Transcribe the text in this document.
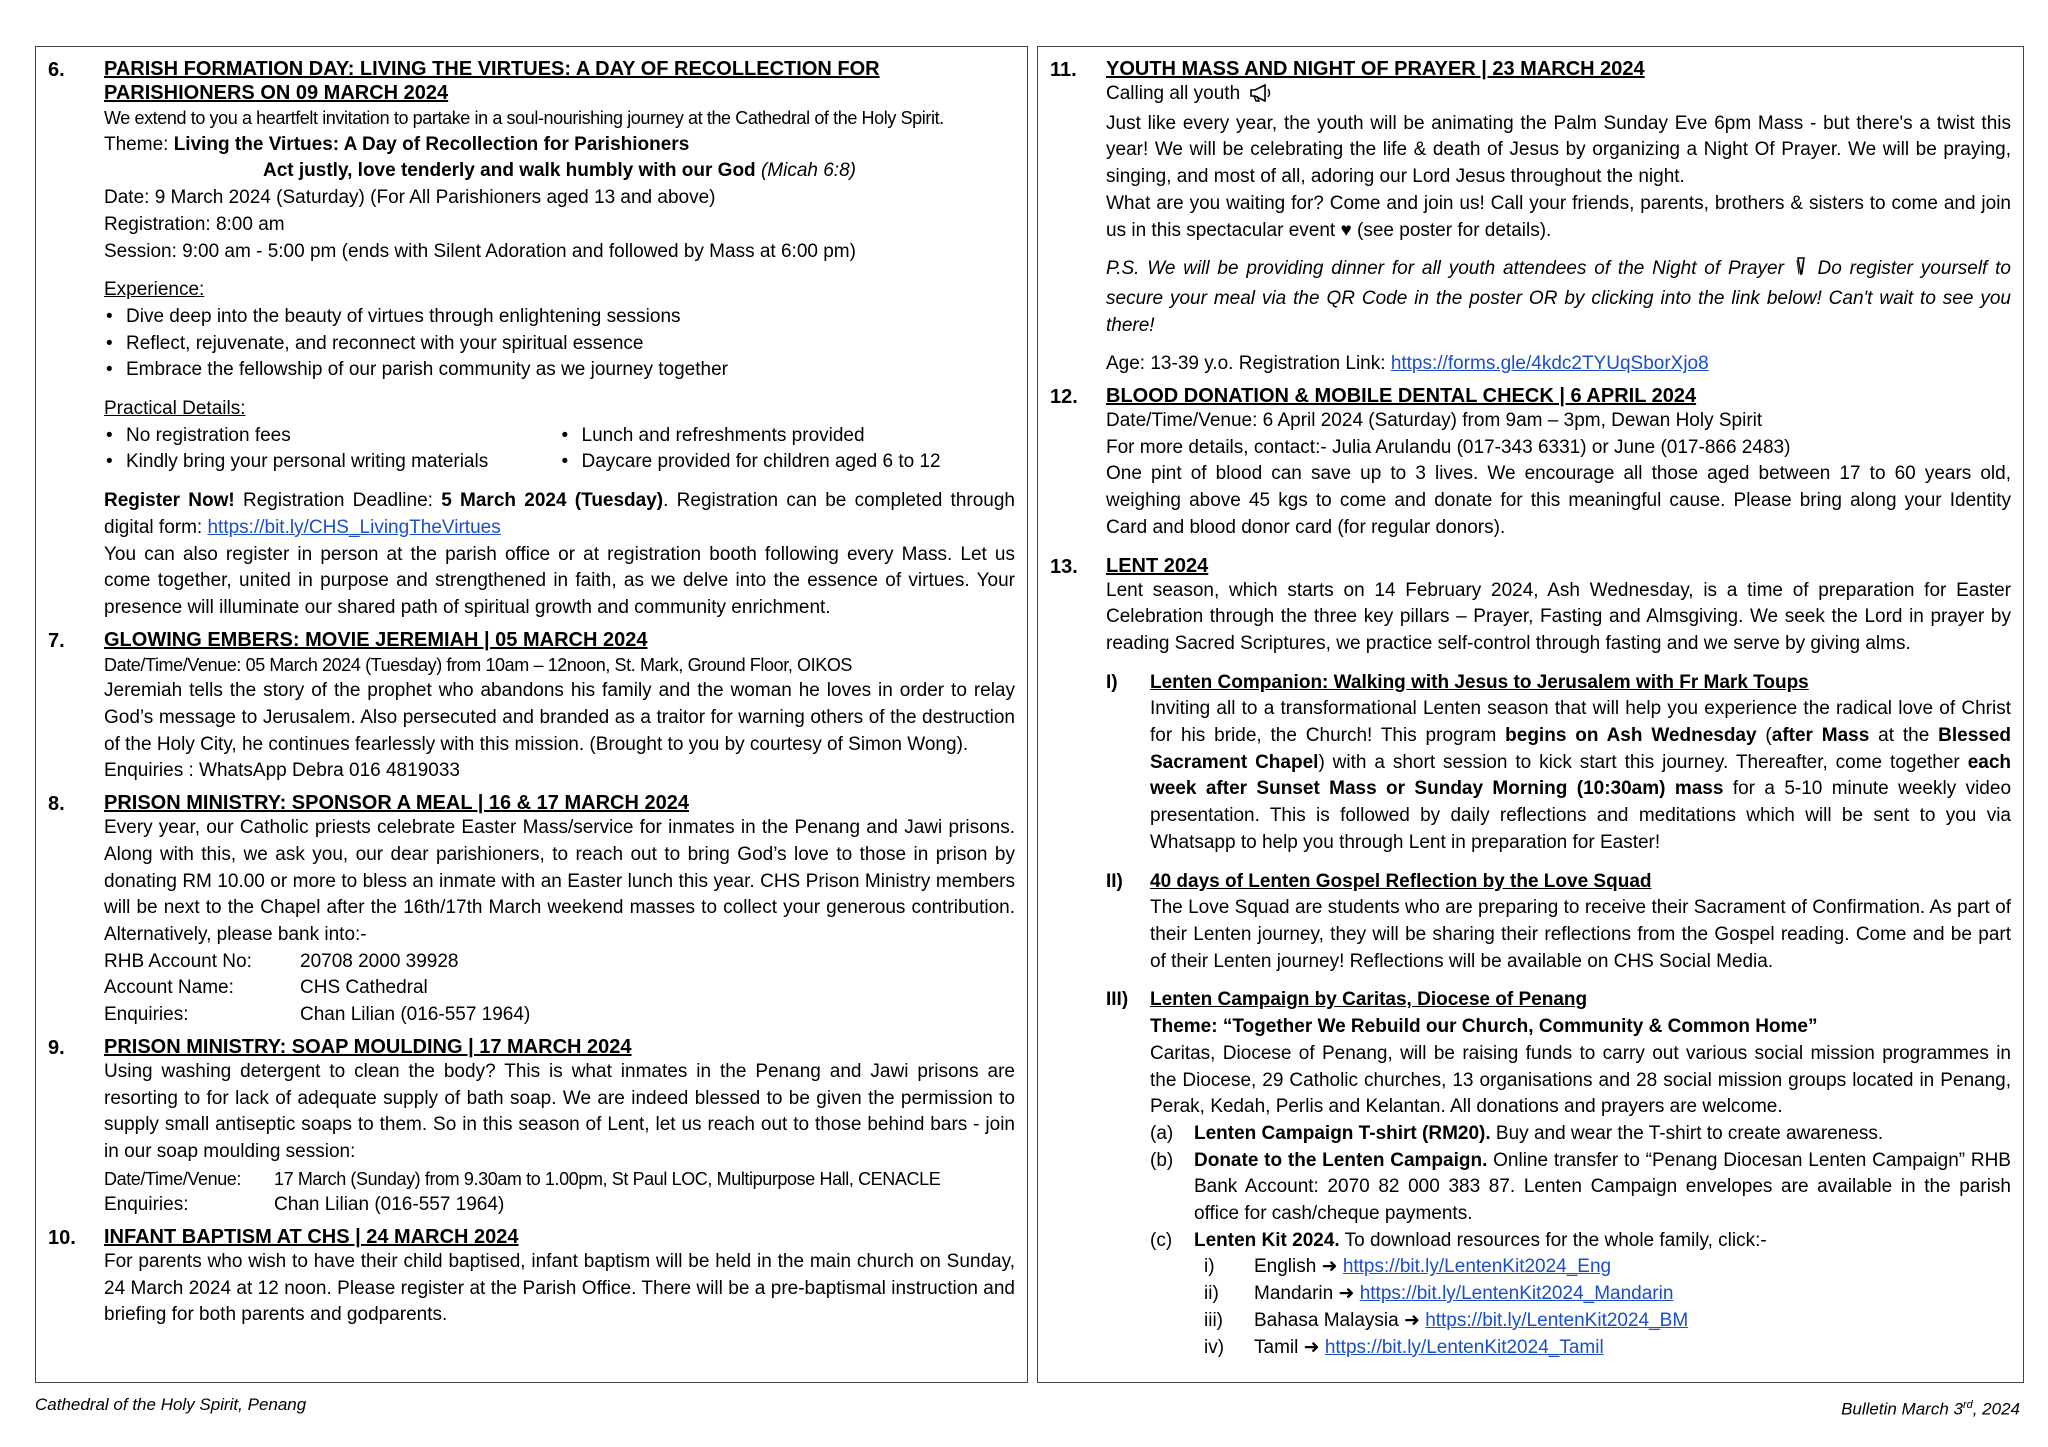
6. PARISH FORMATION DAY: LIVING THE VIRTUES: A DAY OF RECOLLECTION FOR PARISHIONERS ON 09 MARCH 2024
We extend to you a heartfelt invitation to partake in a soul-nourishing journey at the Cathedral of the Holy Spirit.
Theme: Living the Virtues: A Day of Recollection for Parishioners
Act justly, love tenderly and walk humbly with our God (Micah 6:8)
Date: 9 March 2024 (Saturday) (For All Parishioners aged 13 and above)
Registration: 8:00 am
Session: 9:00 am - 5:00 pm (ends with Silent Adoration and followed by Mass at 6:00 pm)
Experience:
• Dive deep into the beauty of virtues through enlightening sessions
• Reflect, rejuvenate, and reconnect with your spiritual essence
• Embrace the fellowship of our parish community as we journey together
Practical Details:
• No registration fees
• Kindly bring your personal writing materials
• Lunch and refreshments provided
• Daycare provided for children aged 6 to 12
Register Now! Registration Deadline: 5 March 2024 (Tuesday). Registration can be completed through digital form: https://bit.ly/CHS_LivingTheVirtues
You can also register in person at the parish office or at registration booth following every Mass. Let us come together, united in purpose and strengthened in faith, as we delve into the essence of virtues. Your presence will illuminate our shared path of spiritual growth and community enrichment.
7. GLOWING EMBERS: MOVIE JEREMIAH | 05 MARCH 2024
Date/Time/Venue: 05 March 2024 (Tuesday) from 10am – 12noon, St. Mark, Ground Floor, OIKOS
Jeremiah tells the story of the prophet who abandons his family and the woman he loves in order to relay God’s message to Jerusalem. Also persecuted and branded as a traitor for warning others of the destruction of the Holy City, he continues fearlessly with this mission. (Brought to you by courtesy of Simon Wong).
Enquiries : WhatsApp Debra 016 4819033
8. PRISON MINISTRY: SPONSOR A MEAL | 16 & 17 MARCH 2024
Every year, our Catholic priests celebrate Easter Mass/service for inmates in the Penang and Jawi prisons. Along with this, we ask you, our dear parishioners, to reach out to bring God’s love to those in prison by donating RM 10.00 or more to bless an inmate with an Easter lunch this year. CHS Prison Ministry members will be next to the Chapel after the 16th/17th March weekend masses to collect your generous contribution. Alternatively, please bank into:-
RHB Account No:	20708 2000 39928
Account Name:	CHS Cathedral
Enquiries:	Chan Lilian (016-557 1964)
9. PRISON MINISTRY: SOAP MOULDING | 17 MARCH 2024
Using washing detergent to clean the body? This is what inmates in the Penang and Jawi prisons are resorting to for lack of adequate supply of bath soap. We are indeed blessed to be given the permission to supply small antiseptic soaps to them. So in this season of Lent, let us reach out to those behind bars - join in our soap moulding session:
Date/Time/Venue:	17 March (Sunday) from 9.30am to 1.00pm, St Paul LOC, Multipurpose Hall, CENACLE
Enquiries:	Chan Lilian (016-557 1964)
10. INFANT BAPTISM AT CHS | 24 MARCH 2024
For parents who wish to have their child baptised, infant baptism will be held in the main church on Sunday, 24 March 2024 at 12 noon. Please register at the Parish Office. There will be a pre-baptismal instruction and briefing for both parents and godparents.
11. YOUTH MASS AND NIGHT OF PRAYER | 23 MARCH 2024
Calling all youth
Just like every year, the youth will be animating the Palm Sunday Eve 6pm Mass - but there's a twist this year! We will be celebrating the life & death of Jesus by organizing a Night Of Prayer. We will be praying, singing, and most of all, adoring our Lord Jesus throughout the night.
What are you waiting for? Come and join us! Call your friends, parents, brothers & sisters to come and join us in this spectacular event ♥ (see poster for details).
P.S. We will be providing dinner for all youth attendees of the Night of Prayer  Do register yourself to secure your meal via the QR Code in the poster OR by clicking into the link below! Can't wait to see you there!
Age: 13-39 y.o. Registration Link: https://forms.gle/4kdc2TYUqSborXjo8
12. BLOOD DONATION & MOBILE DENTAL CHECK | 6 APRIL 2024
Date/Time/Venue: 6 April 2024 (Saturday) from 9am – 3pm, Dewan Holy Spirit
For more details, contact:- Julia Arulandu (017-343 6331) or June (017-866 2483)
One pint of blood can save up to 3 lives. We encourage all those aged between 17 to 60 years old, weighing above 45 kgs to come and donate for this meaningful cause. Please bring along your Identity Card and blood donor card (for regular donors).
13. LENT 2024
Lent season, which starts on 14 February 2024, Ash Wednesday, is a time of preparation for Easter Celebration through the three key pillars – Prayer, Fasting and Almsgiving. We seek the Lord in prayer by reading Sacred Scriptures, we practice self-control through fasting and we serve by giving alms.
I) Lenten Companion: Walking with Jesus to Jerusalem with Fr Mark Toups
Inviting all to a transformational Lenten season that will help you experience the radical love of Christ for his bride, the Church! This program begins on Ash Wednesday (after Mass at the Blessed Sacrament Chapel) with a short session to kick start this journey. Thereafter, come together each week after Sunset Mass or Sunday Morning (10:30am) mass for a 5-10 minute weekly video presentation. This is followed by daily reflections and meditations which will be sent to you via Whatsapp to help you through Lent in preparation for Easter!
II) 40 days of Lenten Gospel Reflection by the Love Squad
The Love Squad are students who are preparing to receive their Sacrament of Confirmation. As part of their Lenten journey, they will be sharing their reflections from the Gospel reading. Come and be part of their Lenten journey! Reflections will be available on CHS Social Media.
III) Lenten Campaign by Caritas, Diocese of Penang
Theme: “Together We Rebuild our Church, Community & Common Home”
Caritas, Diocese of Penang, will be raising funds to carry out various social mission programmes in the Diocese, 29 Catholic churches, 13 organisations and 28 social mission groups located in Penang, Perak, Kedah, Perlis and Kelantan. All donations and prayers are welcome.
(a) Lenten Campaign T-shirt (RM20). Buy and wear the T-shirt to create awareness.
(b) Donate to the Lenten Campaign. Online transfer to “Penang Diocesan Lenten Campaign” RHB Bank Account: 2070 82 000 383 87. Lenten Campaign envelopes are available in the parish office for cash/cheque payments.
(c) Lenten Kit 2024. To download resources for the whole family, click:-
i) English ➜ https://bit.ly/LentenKit2024_Eng
ii) Mandarin ➜ https://bit.ly/LentenKit2024_Mandarin
iii) Bahasa Malaysia ➜ https://bit.ly/LentenKit2024_BM
iv) Tamil ➜ https://bit.ly/LentenKit2024_Tamil
Cathedral of the Holy Spirit, Penang	Bulletin March 3rd, 2024
